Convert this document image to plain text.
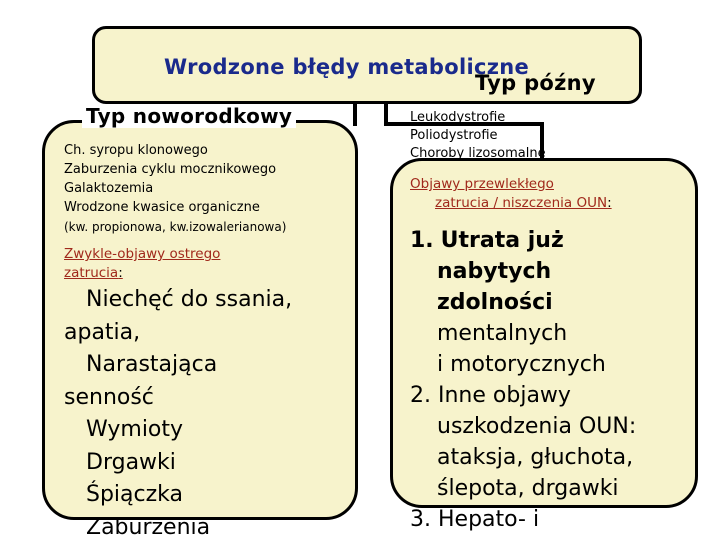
Wrodzone błędy metaboliczne
Typ późny
Typ noworodkowy
Ch. syropu klonowego
Zaburzenia cyklu mocznikowego
Galaktozemia
Wrodzone kwasice organiczne
(kw. propionowa, kw.izowalerianowa)
Zwykle-objawy ostrego
zatrucia:
Niechęć do ssania,
apatia,
Narastająca
senność
Wymioty
Drgawki
Śpiączka
Zaburzenia
Leukodystrofie
Poliodystrofie
Choroby lizosomalne
Objawy przewlekłego
zatrucia / niszczenia OUN:
1. Utrata już
nabytych
zdolności
mentalnych
i motorycznych
2. Inne objawy
uszkodzenia OUN:
ataksja, głuchota,
ślepota, drgawki
3. Hepato- i
